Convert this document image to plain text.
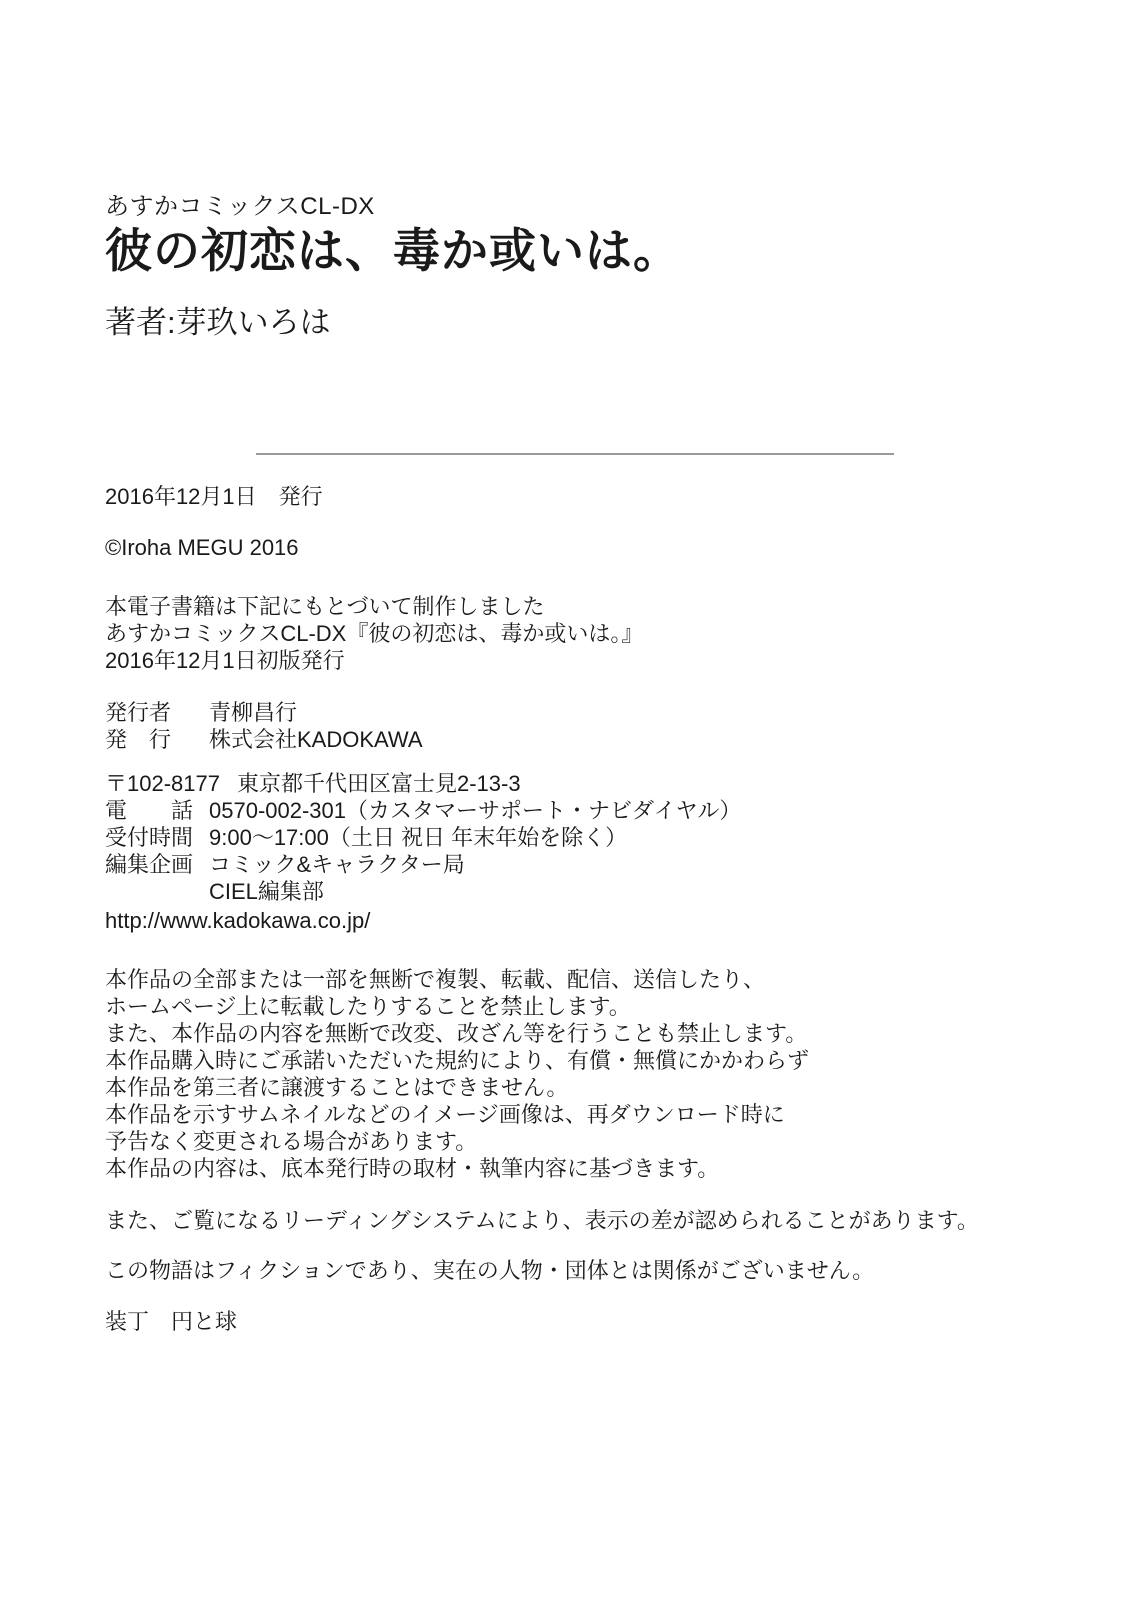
あすかコミックスCL-DX
彼の初恋は、毒か或いは。
著者:芽玖いろは
2016年12月1日　発行
©Iroha MEGU 2016
本電子書籍は下記にもとづいて制作しました
あすかコミックスCL-DX『彼の初恋は、毒か或いは。』
2016年12月1日初版発行
発行者	青柳昌行
発　行	株式会社KADOKAWA
〒102-8177 東京都千代田区富士見2-13-3
電　　話 0570-002-301（カスタマーサポート・ナビダイヤル）
受付時間 9:00～17:00（土日 祝日 年末年始を除く）
編集企画 コミック&キャラクター局
CIEL編集部
http://www.kadokawa.co.jp/
本作品の全部または一部を無断で複製、転載、配信、送信したり、
ホームページ上に転載したりすることを禁止します。
また、本作品の内容を無断で改変、改ざん等を行うことも禁止します。
本作品購入時にご承諾いただいた規約により、有償・無償にかかわらず
本作品を第三者に譲渡することはできません。
本作品を示すサムネイルなどのイメージ画像は、再ダウンロード時に
予告なく変更される場合があります。
本作品の内容は、底本発行時の取材・執筆内容に基づきます。
また、ご覧になるリーディングシステムにより、表示の差が認められることがあります。
この物語はフィクションであり、実在の人物・団体とは関係がございません。
装丁　円と球
